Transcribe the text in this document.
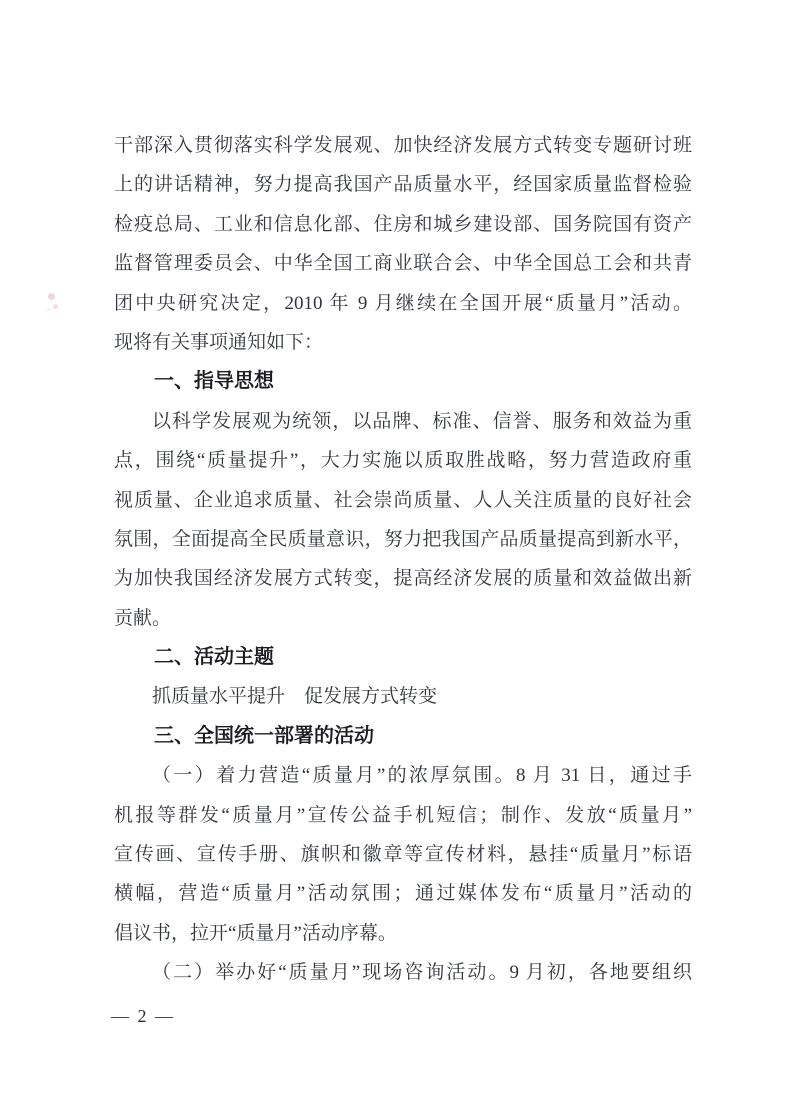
干部深入贯彻落实科学发展观、加快经济发展方式转变专题研讨班
上的讲话精神，努力提高我国产品质量水平，经国家质量监督检验
检疫总局、工业和信息化部、住房和城乡建设部、国务院国有资产
监督管理委员会、中华全国工商业联合会、中华全国总工会和共青
团中央研究决定，2010 年 9 月继续在全国开展“质量月”活动。
现将有关事项通知如下：
一、指导思想
以科学发展观为统领，以品牌、标准、信誉、服务和效益为重
点，围绕“质量提升”，大力实施以质取胜战略，努力营造政府重
视质量、企业追求质量、社会崇尚质量、人人关注质量的良好社会
氛围，全面提高全民质量意识，努力把我国产品质量提高到新水平，
为加快我国经济发展方式转变，提高经济发展的质量和效益做出新
贡献。
二、活动主题
抓质量水平提升　促发展方式转变
三、全国统一部署的活动
（一）着力营造“质量月”的浓厚氛围。8 月 31 日，通过手
机报等群发“质量月”宣传公益手机短信；制作、发放“质量月”
宣传画、宣传手册、旗帜和徽章等宣传材料，悬挂“质量月”标语
横幅，营造“质量月”活动氛围；通过媒体发布“质量月”活动的
倡议书，拉开“质量月”活动序幕。
（二）举办好“质量月”现场咨询活动。9 月初，各地要组织
— 2 —
